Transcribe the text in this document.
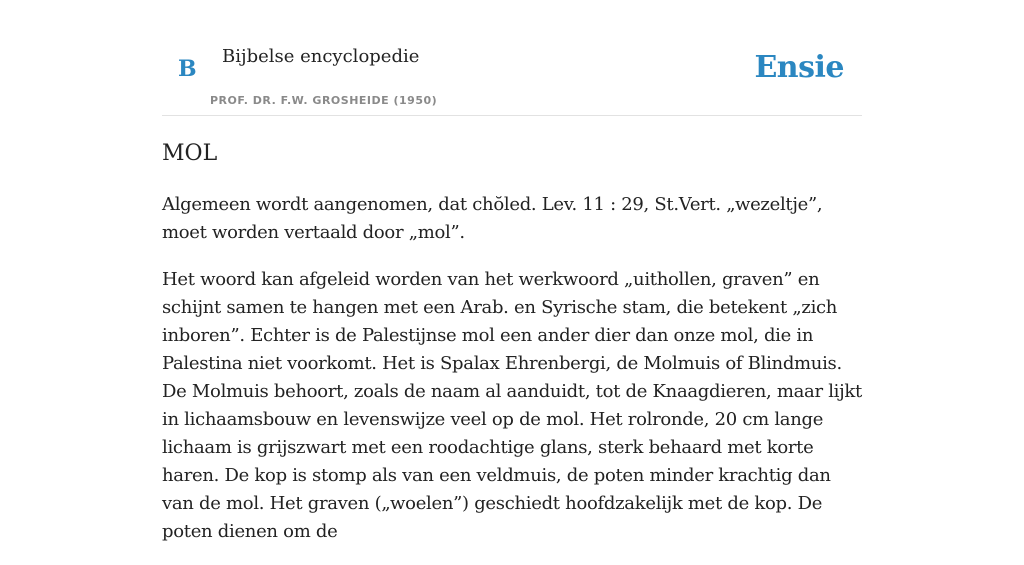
B Bijbelse encyclopedie
PROF. DR. F.W. GROSHEIDE (1950)
Ensie
MOL

Algemeen wordt aangenomen, dat chŏled. Lev. 11 : 29, St.Vert. „wezeltje”, moet worden vertaald door „mol”.

Het woord kan afgeleid worden van het werkwoord „uithollen, graven” en schijnt samen te hangen met een Arab. en Syrische stam, die betekent „zich inboren”. Echter is de Palestijnse mol een ander dier dan onze mol, die in Palestina niet voorkomt. Het is Spalax Ehrenbergi, de Molmuis of Blindmuis. De Molmuis behoort, zoals de naam al aanduidt, tot de Knaagdieren, maar lijkt in lichaamsbouw en levenswijze veel op de mol. Het rolronde, 20 cm lange lichaam is grijszwart met een roodachtige glans, sterk behaard met korte haren. De kop is stomp als van een veldmuis, de poten minder krachtig dan van de mol. Het graven („woelen”) geschiedt hoofdzakelijk met de kop. De poten dienen om de
